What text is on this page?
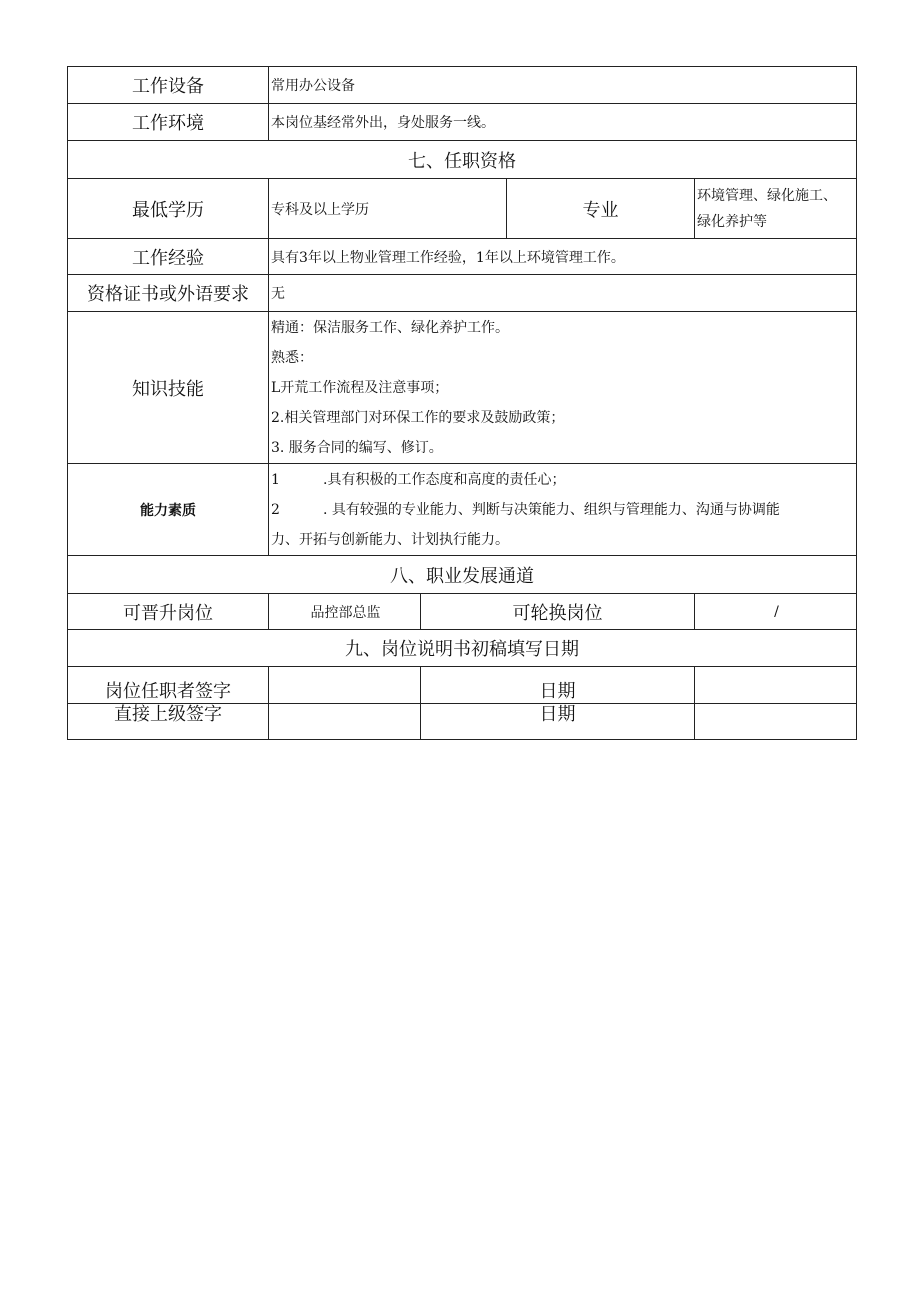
工作设备	常用办公设备			
工作环境	本岗位基经常外出，身处服务一线。			
七、任职资格				
最低学历	专科及以上学历		专业	环境管理、绿化施工、
绿化养护等

工作经验	具有3年以上物业管理工作经验，1年以上环境管理工作。			
资格证书或外语要求	无			
知识技能	精通：保洁服务工作、绿化养护工作。
熟悉：
L开荒工作流程及注意事项；
2.相关管理部门对环保工作的要求及鼓励政策；
3. 服务合同的编写、修订。			

能力素质	1 .具有积极的工作态度和高度的责任心；
2 . 具有较强的专业能力、判断与决策能力、组织与管理能力、沟通与协调能
力、开拓与创新能力、计划执行能力。			

八、职业发展通道				
可晋升岗位	品控部总监	可轮换岗位		/
九、岗位说明书初稿填写日期				
岗位任职者签字		日期		
直接上级签字		日期		
